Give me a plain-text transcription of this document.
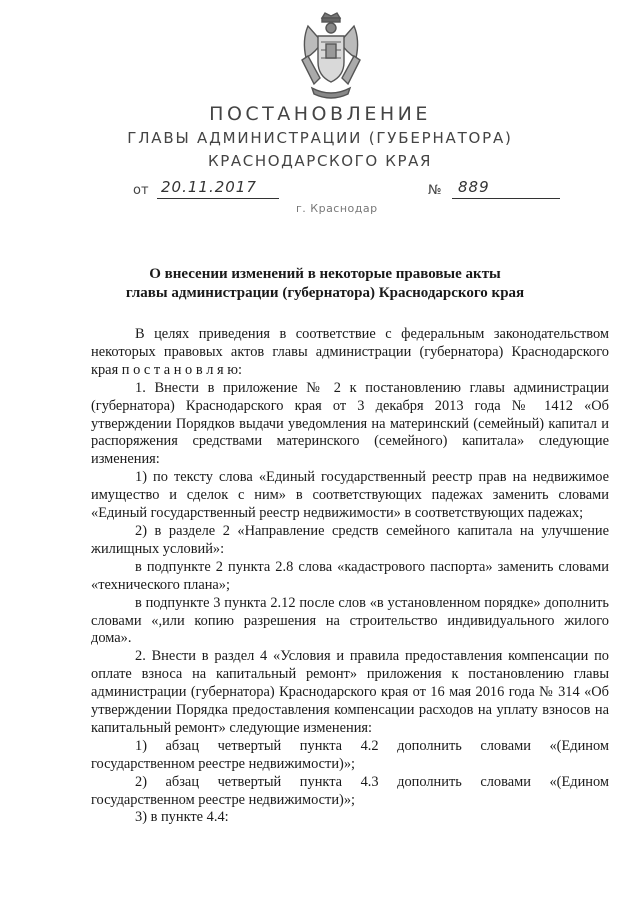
ПОСТАНОВЛЕНИЕ
ГЛАВЫ АДМИНИСТРАЦИИ (ГУБЕРНАТОРА)
КРАСНОДАРСКОГО КРАЯ
от 20.11.2017	№ 889
г. Краснодар
О внесении изменений в некоторые правовые акты
главы администрации (губернатора) Краснодарского края

В целях приведения в соответствие с федеральным законодательством некоторых правовых актов главы администрации (губернатора) Краснодарского края п о с т а н о в л я ю:

1. Внести в приложение № 2 к постановлению главы администрации (губернатора) Краснодарского края от 3 декабря 2013 года № 1412 «Об утверждении Порядков выдачи уведомления на материнский (семейный) капитал и распоряжения средствами материнского (семейного) капитала» следующие изменения:

1) по тексту слова «Единый государственный реестр прав на недвижимое имущество и сделок с ним» в соответствующих падежах заменить словами «Единый государственный реестр недвижимости» в соответствующих падежах;

2) в разделе 2 «Направление средств семейного капитала на улучшение жилищных условий»:

в подпункте 2 пункта 2.8 слова «кадастрового паспорта» заменить словами «технического плана»;

в подпункте 3 пункта 2.12 после слов «в установленном порядке» дополнить словами «,или копию разрешения на строительство индивидуального жилого дома».

2. Внести в раздел 4 «Условия и правила предоставления компенсации по оплате взноса на капитальный ремонт» приложения к постановлению главы администрации (губернатора) Краснодарского края от 16 мая 2016 года № 314 «Об утверждении Порядка предоставления компенсации расходов на уплату взносов на капитальный ремонт» следующие изменения:

1) абзац четвертый пункта 4.2 дополнить словами «(Едином государственном реестре недвижимости)»;

2) абзац четвертый пункта 4.3 дополнить словами «(Едином государственном реестре недвижимости)»;

3) в пункте 4.4:
